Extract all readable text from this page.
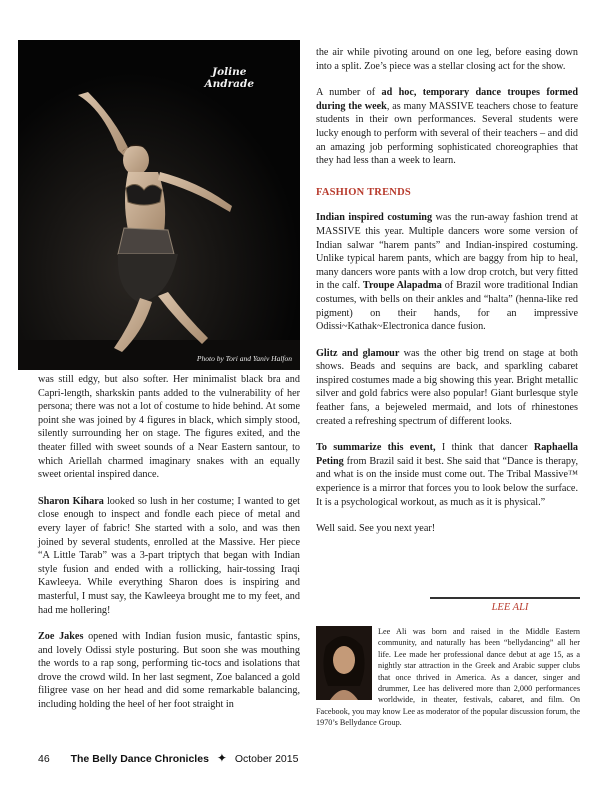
Joline
Andrade
Photo by Tori and Yaniv Halfon

was still edgy, but also softer. Her minimalist black bra and Capri-length, sharkskin pants added to the vulnerability of her persona; there was not a lot of costume to hide behind. At some point she was joined by 4 figures in black, which simply stood, silently surrounding her on stage. The figures exited, and the theater filled with sweet sounds of a Near Eastern santour, to which Ariellah charmed imaginary snakes with an equally sweet oriental inspired dance.

Sharon Kihara looked so lush in her costume; I wanted to get close enough to inspect and fondle each piece of metal and every layer of fabric! She started with a solo, and was then joined by several students, enrolled at the Massive. Her piece “A Little Tarab” was a 3-part triptych that began with Indian style fusion and ended with a rollicking, hair-tossing Iraqi Kawleeya. While everything Sharon does is inspiring and masterful, I must say, the Kawleeya brought me to my feet, and had me hollering!

Zoe Jakes opened with Indian fusion music, fantastic spins, and lovely Odissi style posturing. But soon she was mouthing the words to a rap song, performing tic-tocs and isolations that drove the crowd wild. In her last segment, Zoe balanced a gold filigree vase on her head and did some remarkable balancing, including holding the heel of her foot straight in

the air while pivoting around on one leg, before easing down into a split. Zoe’s piece was a stellar closing act for the show.

A number of ad hoc, temporary dance troupes formed during the week, as many MASSIVE teachers chose to feature students in their own performances. Several students were lucky enough to perform with several of their teachers – and did an amazing job performing sophisticated choreographies that they had less than a week to learn.

FASHION TRENDS

Indian inspired costuming was the run-away fashion trend at MASSIVE this year. Multiple dancers wore some version of Indian salwar “harem pants” and Indian-inspired costuming. Unlike typical harem pants, which are baggy from hip to heal, many dancers wore pants with a low drop crotch, but very fitted in the calf. Troupe Alapadma of Brazil wore traditional Indian costumes, with bells on their ankles and “halta” (henna-like red pigment) on their hands, for an impressive Odissi~Kathak~Electronica dance fusion.

Glitz and glamour was the other big trend on stage at both shows. Beads and sequins are back, and sparkling cabaret inspired costumes made a big showing this year. Bright metallic silver and gold fabrics were also popular! Giant burlesque style feather fans, a bejeweled mermaid, and lots of rhinestones created a refreshing spectrum of different looks.

To summarize this event, I think that dancer Raphaella Peting from Brazil said it best. She said that “Dance is therapy, and what is on the inside must come out. The Tribal Massive™ experience is a mirror that forces you to look below the surface. It is a psychological workout, as much as it is physical.”

Well said. See you next year!

LEE ALI
Lee Ali was born and raised in the Middle Eastern community, and naturally has been “bellydancing” all her life. Lee made her professional dance debut at age 15, as a nightly star attraction in the Greek and Arabic supper clubs that once thrived in America. As a dancer, singer and drummer, Lee has delivered more than 2,000 performances worldwide, in theater, festivals, cabaret, and film. On Facebook, you may know Lee as moderator of the popular discussion forum, the 1970’s Bellydance Group.
46 The Belly Dance Chronicles ✦ October 2015
